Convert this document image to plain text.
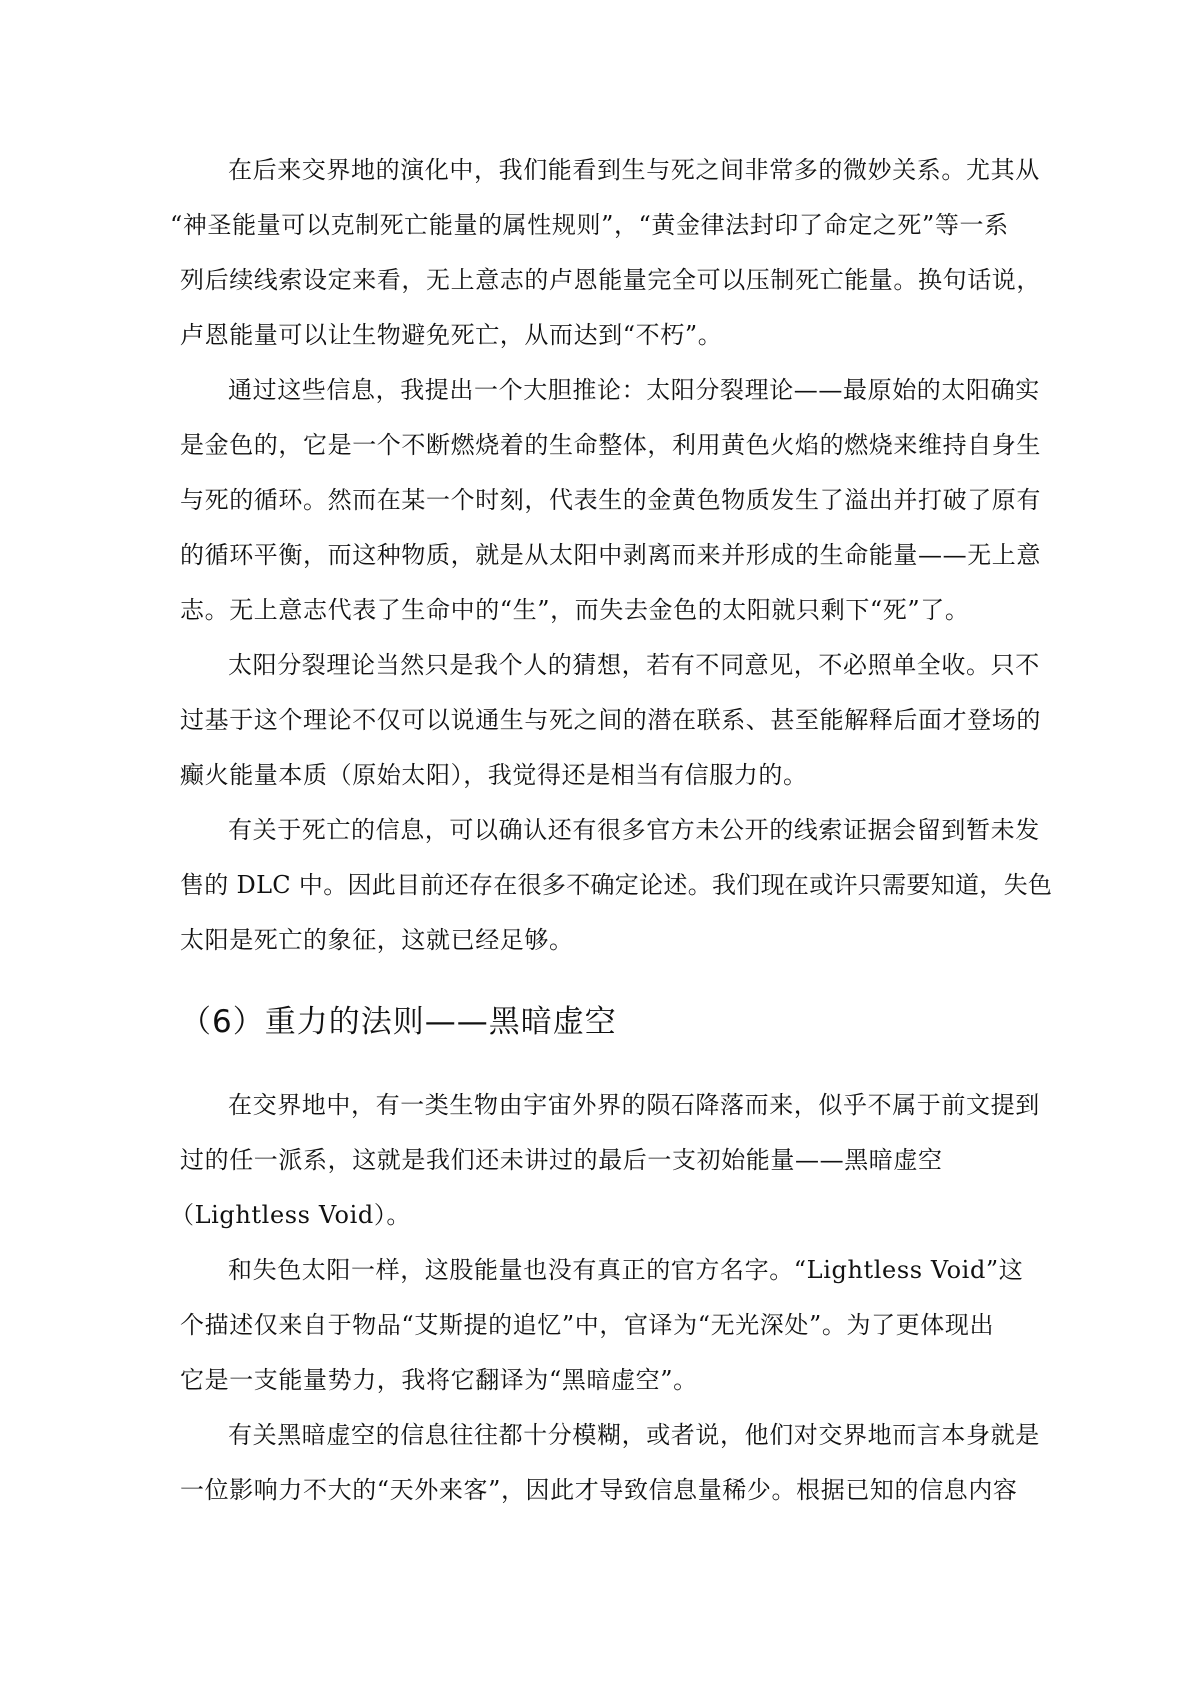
在后来交界地的演化中，我们能看到生与死之间非常多的微妙关系。尤其从
“神圣能量可以克制死亡能量的属性规则”，“黄金律法封印了命定之死”等一系
列后续线索设定来看，无上意志的卢恩能量完全可以压制死亡能量。换句话说，
卢恩能量可以让生物避免死亡，从而达到“不朽”。
通过这些信息，我提出一个大胆推论：太阳分裂理论——最原始的太阳确实
是金色的，它是一个不断燃烧着的生命整体，利用黄色火焰的燃烧来维持自身生
与死的循环。然而在某一个时刻，代表生的金黄色物质发生了溢出并打破了原有
的循环平衡，而这种物质，就是从太阳中剥离而来并形成的生命能量——无上意
志。无上意志代表了生命中的“生”，而失去金色的太阳就只剩下“死”了。
太阳分裂理论当然只是我个人的猜想，若有不同意见，不必照单全收。只不
过基于这个理论不仅可以说通生与死之间的潜在联系、甚至能解释后面才登场的
癫火能量本质（原始太阳），我觉得还是相当有信服力的。
有关于死亡的信息，可以确认还有很多官方未公开的线索证据会留到暂未发
售的 DLC 中。因此目前还存在很多不确定论述。我们现在或许只需要知道，失色
太阳是死亡的象征，这就已经足够。
（6）重力的法则——黑暗虚空
在交界地中，有一类生物由宇宙外界的陨石降落而来，似乎不属于前文提到
过的任一派系，这就是我们还未讲过的最后一支初始能量——黑暗虚空
（Lightless Void）。
和失色太阳一样，这股能量也没有真正的官方名字。“Lightless Void”这
个描述仅来自于物品“艾斯提的追忆”中，官译为“无光深处”。为了更体现出
它是一支能量势力，我将它翻译为“黑暗虚空”。
有关黑暗虚空的信息往往都十分模糊，或者说，他们对交界地而言本身就是
一位影响力不大的“天外来客”，因此才导致信息量稀少。根据已知的信息内容
